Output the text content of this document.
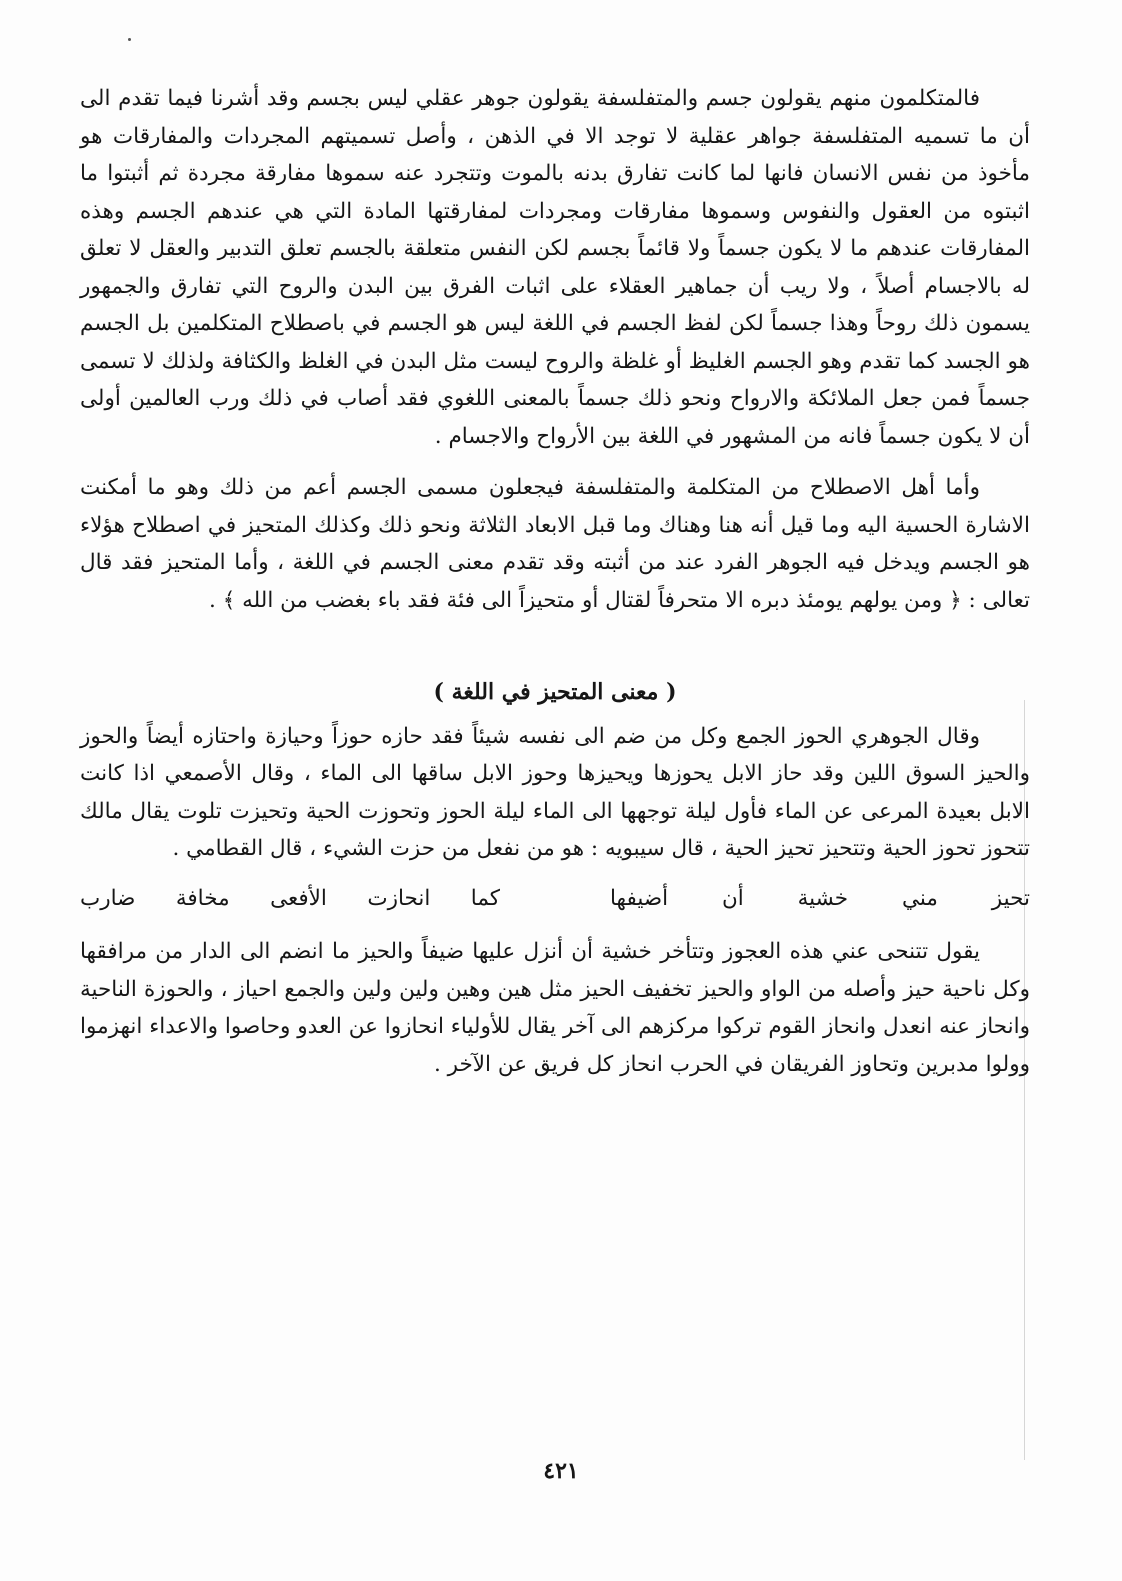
فالمتكلمون منهم يقولون جسم والمتفلسفة يقولون جوهر عقلي ليس بجسم وقد أشرنا فيما تقدم الى أن ما تسميه المتفلسفة جواهر عقلية لا توجد الا في الذهن ، وأصل تسميتهم المجردات والمفارقات هو مأخوذ من نفس الانسان فانها لما كانت تفارق بدنه بالموت وتتجرد عنه سموها مفارقة مجردة ثم أثبتوا ما اثبتوه من العقول والنفوس وسموها مفارقات ومجردات لمفارقتها المادة التي هي عندهم الجسم وهذه المفارقات عندهم ما لا يكون جسماً ولا قائماً بجسم لكن النفس متعلقة بالجسم تعلق التدبير والعقل لا تعلق له بالاجسام أصلاً ، ولا ريب أن جماهير العقلاء على اثبات الفرق بين البدن والروح التي تفارق والجمهور يسمون ذلك روحاً وهذا جسماً لكن لفظ الجسم في اللغة ليس هو الجسم في باصطلاح المتكلمين بل الجسم هو الجسد كما تقدم وهو الجسم الغليظ أو غلظة والروح ليست مثل البدن في الغلظ والكثافة ولذلك لا تسمى جسماً فمن جعل الملائكة والارواح ونحو ذلك جسماً بالمعنى اللغوي فقد أصاب في ذلك ورب العالمين أولى أن لا يكون جسماً فانه من المشهور في اللغة بين الأرواح والاجسام .

وأما أهل الاصطلاح من المتكلمة والمتفلسفة فيجعلون مسمى الجسم أعم من ذلك وهو ما أمكنت الاشارة الحسية اليه وما قيل أنه هنا وهناك وما قبل الابعاد الثلاثة ونحو ذلك وكذلك المتحيز في اصطلاح هؤلاء هو الجسم ويدخل فيه الجوهر الفرد عند من أثبته وقد تقدم معنى الجسم في اللغة ، وأما المتحيز فقد قال تعالى : ﴿ ومن يولهم يومئذ دبره الا متحرفاً لقتال أو متحيزاً الى فئة فقد باء بغضب من الله ﴾ .

( معنى المتحيز في اللغة )

وقال الجوهري الحوز الجمع وكل من ضم الى نفسه شيئاً فقد حازه حوزاً وحيازة واحتازه أيضاً والحوز والحيز السوق اللين وقد حاز الابل يحوزها ويحيزها وحوز الابل ساقها الى الماء ، وقال الأصمعي اذا كانت الابل بعيدة المرعى عن الماء فأول ليلة توجهها الى الماء ليلة الحوز وتحوزت الحية وتحيزت تلوت يقال مالك تتحوز تحوز الحية وتتحيز تحيز الحية ، قال سيبويه : هو من نفعل من حزت الشيء ، قال القطامي .

تحيز مني خشية أن أضيفها
كما انحازت الأفعى مخافة ضارب

يقول تتنحى عني هذه العجوز وتتأخر خشية أن أنزل عليها ضيفاً والحيز ما انضم الى الدار من مرافقها وكل ناحية حيز وأصله من الواو والحيز تخفيف الحيز مثل هين وهين ولين ولين والجمع احياز ، والحوزة الناحية وانحاز عنه انعدل وانحاز القوم تركوا مركزهم الى آخر يقال للأولياء انحازوا عن العدو وحاصوا والاعداء انهزموا وولوا مدبرين وتحاوز الفريقان في الحرب انحاز كل فريق عن الآخر .

٤٢١
